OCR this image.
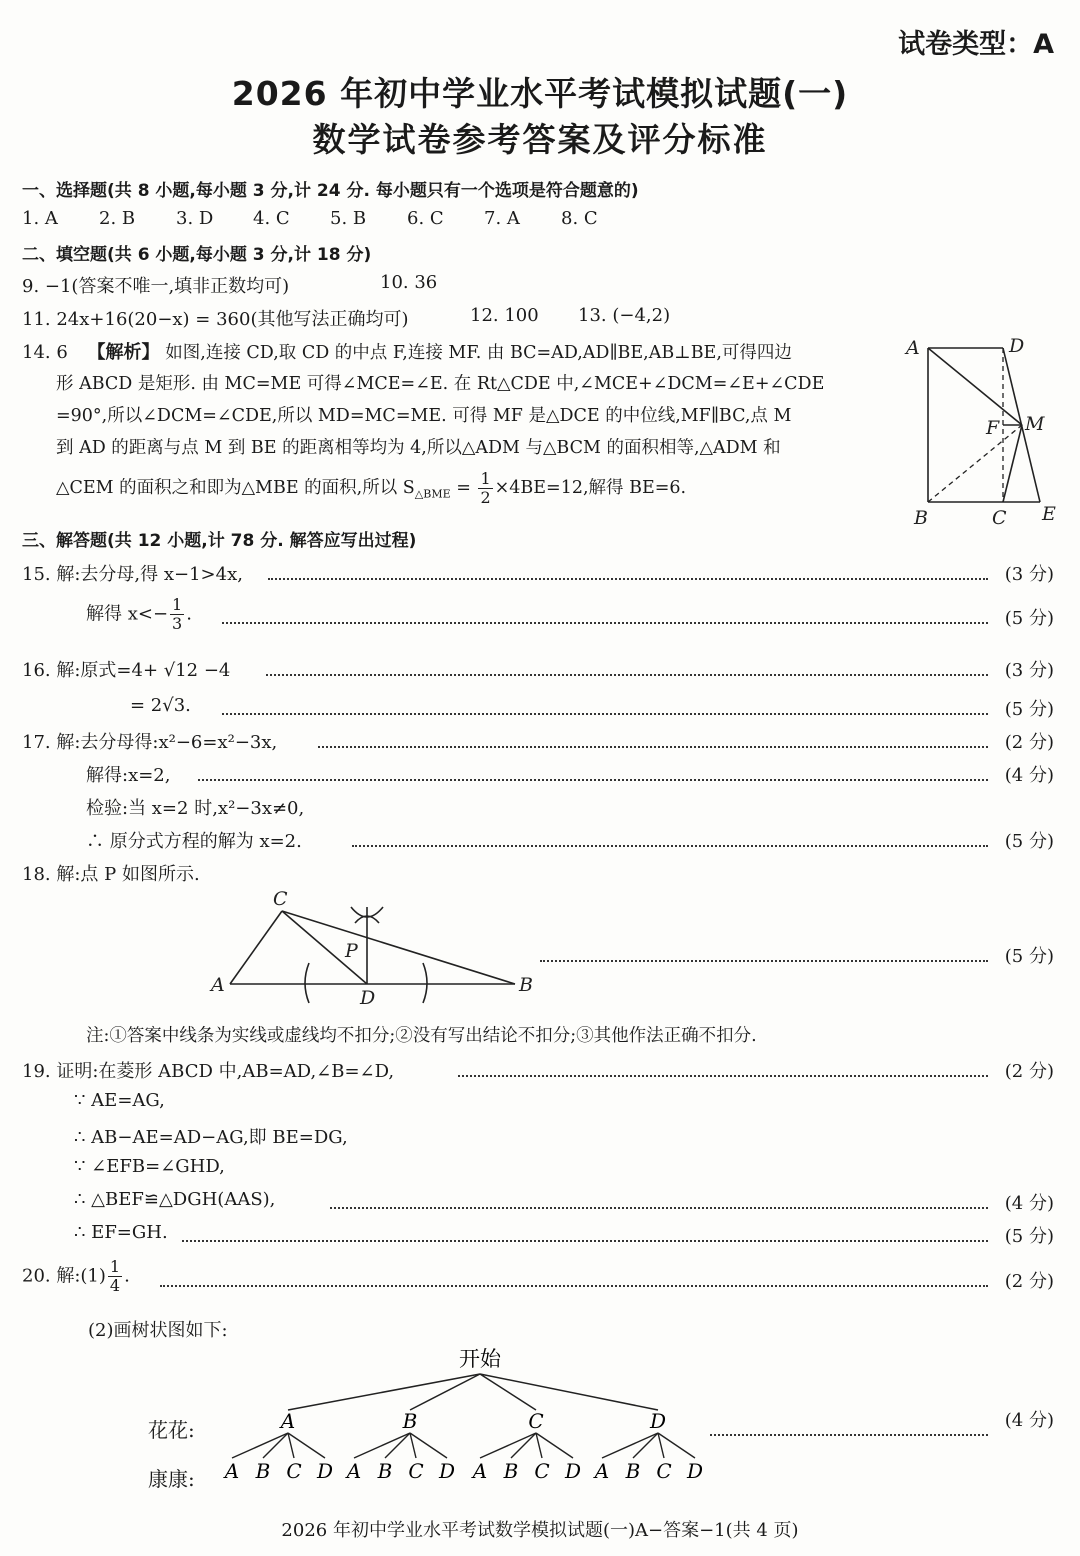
试卷类型：A
2026 年初中学业水平考试模拟试题(一)
数学试卷参考答案及评分标准
一、选择题(共 8 小题,每小题 3 分,计 24 分. 每小题只有一个选项是符合题意的)
1. A 2. B 3. D 4. C 5. B 6. C 7. A 8. C
二、填空题(共 6 小题,每小题 3 分,计 18 分)
9. −1(答案不唯一,填非正数均可)	10. 36
11. 24x+16(20−x) = 360(其他写法正确均可)	12. 100 13. (−4,2)
14. 6 【解析】 如图,连接 CD,取 CD 的中点 F,连接 MF. 由 BC=AD,AD∥BE,AB⊥BE,可得四边
形 ABCD 是矩形. 由 MC=ME 可得∠MCE=∠E. 在 Rt△CDE 中,∠MCE+∠DCM=∠E+∠CDE
=90°,所以∠DCM=∠CDE,所以 MD=MC=ME. 可得 MF 是△DCE 的中位线,MF∥BC,点 M
到 AD 的距离与点 M 到 BE 的距离相等均为 4,所以△ADM 与△BCM 的面积相等,△ADM 和
△CEM 的面积之和即为△MBE 的面积,所以 $S_{\triangle BME} = \frac{1}{2} \times 4BE=12$,解得 BE=6.
A	D
F M
B	C E
三、解答题(共 12 小题,计 78 分. 解答应写出过程)
15. 解:去分母,得 x−1>4x,	(3 分)
解得 $x<- \frac{1}{3}$ .	(5 分)
16. 解:原式=4+ √12 −4	(3 分)
= 2√3.	(5 分)
17. 解:去分母得:x²−6=x²−3x,	(2 分)
解得:x=2,	(4 分)
检验:当 x=2 时,x²−3x≠0,
∴ 原分式方程的解为 x=2.	(5 分)
18. 解:点 P 如图所示.
C
P
A
D
B
(5 分)
注:①答案中线条为实线或虚线均不扣分;②没有写出结论不扣分;③其他作法正确不扣分.
19. 证明:在菱形 ABCD 中,AB=AD,∠B=∠D,	(2 分)
∵ AE=AG,
∴ AB−AE=AD−AG,即 BE=DG,
∵ ∠EFB=∠GHD,
∴ △BEF≌△DGH(AAS),	(4 分)
∴ EF=GH.	(5 分)
20. 解:(1) $\frac{1}{4}$ .	(2 分)
(2)画树状图如下:
花花:
康康:
开始
A
A B C D
B
A B C D
C
A B C D
D
A B C D
(4 分)
2026 年初中学业水平考试数学模拟试题(一)A−答案−1(共 4 页)
